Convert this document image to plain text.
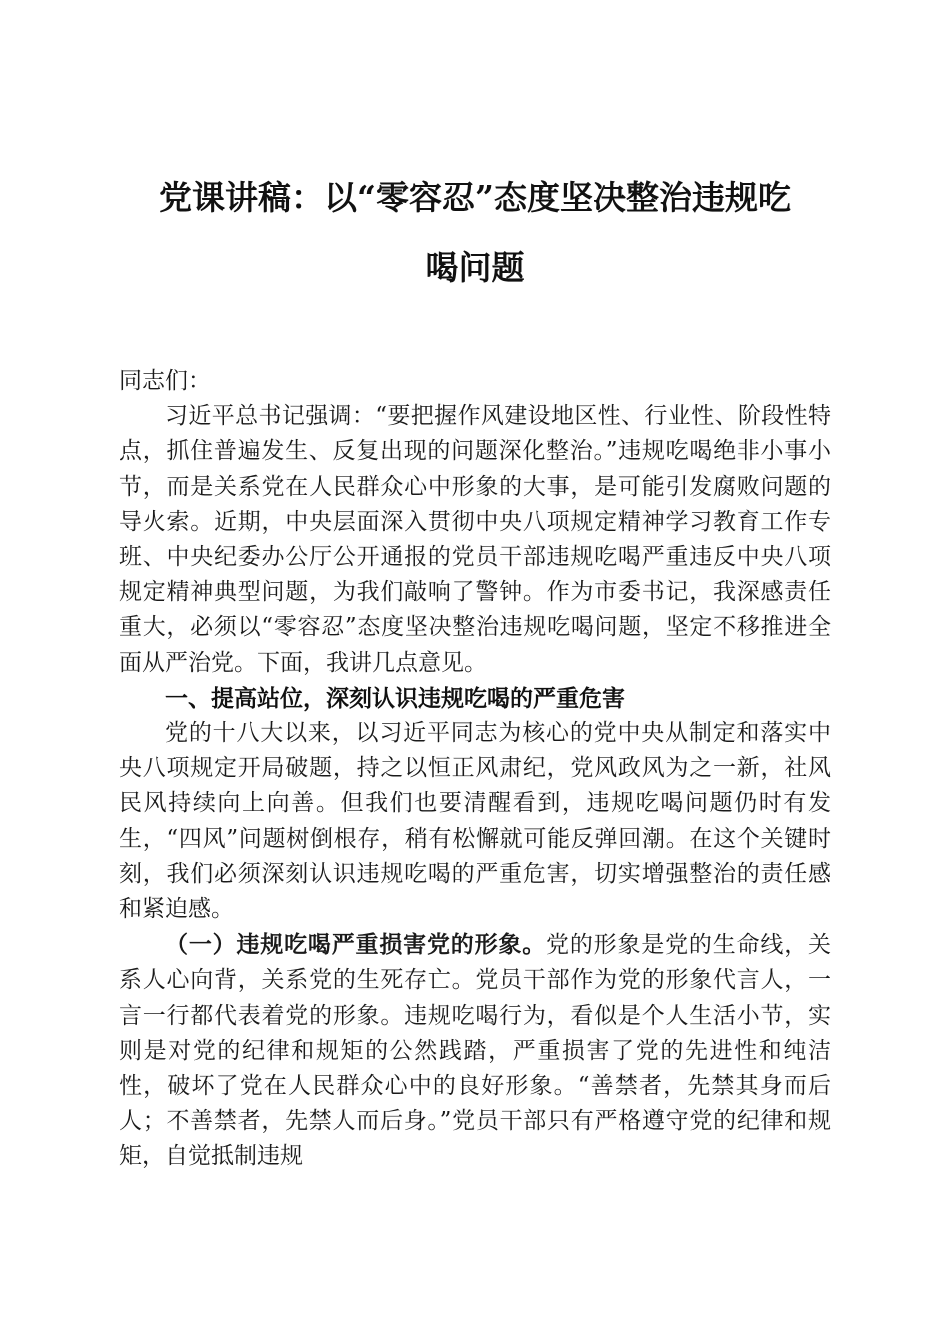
党课讲稿：以“零容忍”态度坚决整治违规吃
喝问题

同志们：

习近平总书记强调：“要把握作风建设地区性、行业性、阶段性特点，抓住普遍发生、反复出现的问题深化整治。”违规吃喝绝非小事小节，而是关系党在人民群众心中形象的大事，是可能引发腐败问题的导火索。近期，中央层面深入贯彻中央八项规定精神学习教育工作专班、中央纪委办公厅公开通报的党员干部违规吃喝严重违反中央八项规定精神典型问题，为我们敲响了警钟。作为市委书记，我深感责任重大，必须以“零容忍”态度坚决整治违规吃喝问题，坚定不移推进全面从严治党。下面，我讲几点意见。

一、提高站位，深刻认识违规吃喝的严重危害

党的十八大以来，以习近平同志为核心的党中央从制定和落实中央八项规定开局破题，持之以恒正风肃纪，党风政风为之一新，社风民风持续向上向善。但我们也要清醒看到，违规吃喝问题仍时有发生，“四风”问题树倒根存，稍有松懈就可能反弹回潮。在这个关键时刻，我们必须深刻认识违规吃喝的严重危害，切实增强整治的责任感和紧迫感。

（一）违规吃喝严重损害党的形象。党的形象是党的生命线，关系人心向背，关系党的生死存亡。党员干部作为党的形象代言人，一言一行都代表着党的形象。违规吃喝行为，看似是个人生活小节，实则是对党的纪律和规矩的公然践踏，严重损害了党的先进性和纯洁性，破坏了党在人民群众心中的良好形象。“善禁者，先禁其身而后人；不善禁者，先禁人而后身。”党员干部只有严格遵守党的纪律和规矩，自觉抵制违规
